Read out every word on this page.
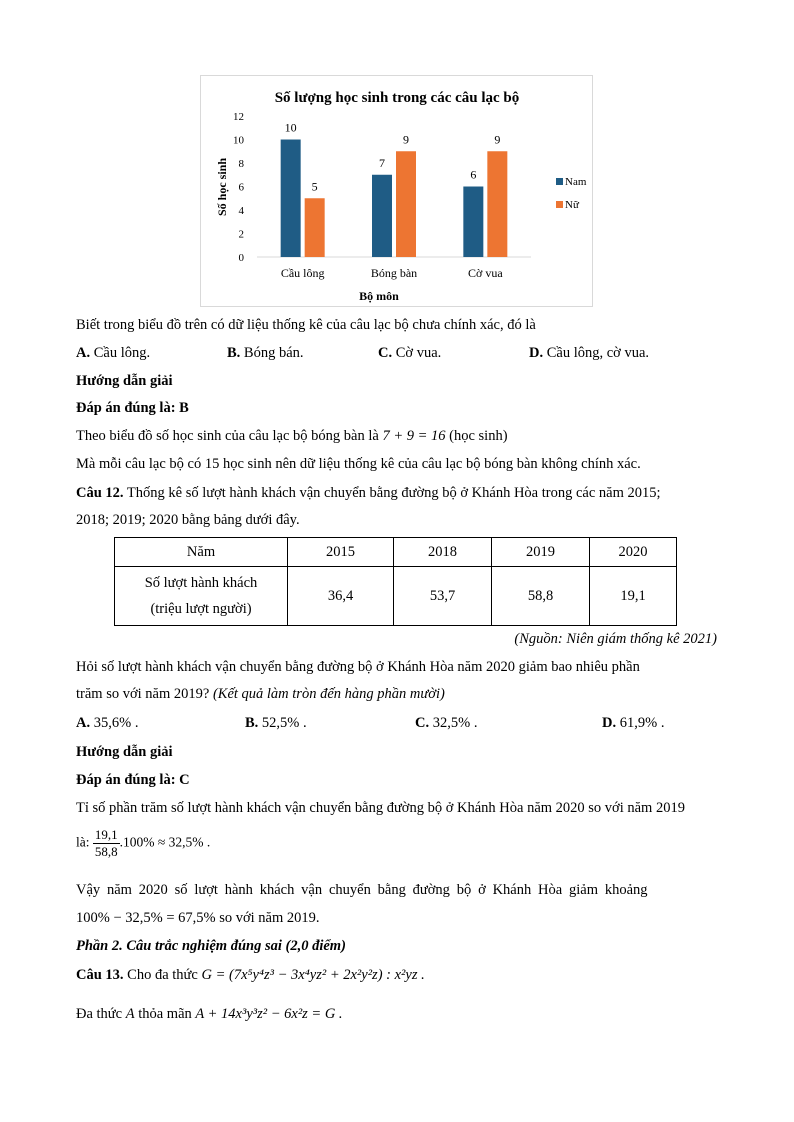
Số lượng học sinh trong các câu lạc bộ
0
2
4
6
8
10
12
Cầu lông
10
5
Bóng bàn
7
9
Cờ vua
6
9
Nam
Nữ
Bộ môn
Số học sinh
Biết trong biểu đồ trên có dữ liệu thống kê của câu lạc bộ chưa chính xác, đó là
A. Cầu lông.	B. Bóng bán.	C. Cờ vua.	D. Cầu lông, cờ vua.
Hướng dẫn giải
Đáp án đúng là: B
Theo biểu đồ số học sinh của câu lạc bộ bóng bàn là 7 + 9 = 16 (học sinh)
Mà mỗi câu lạc bộ có 15 học sinh nên dữ liệu thống kê của câu lạc bộ bóng bàn không chính xác.
Câu 12. Thống kê số lượt hành khách vận chuyển bằng đường bộ ở Khánh Hòa trong các năm 2015;
2018; 2019; 2020 bằng bảng dưới đây.
Năm	2015	2018	2019	2020

Số lượt hành khách
(triệu lượt người)	36,4	53,7	58,8	19,1
(Nguồn: Niên giám thống kê 2021)
Hỏi số lượt hành khách vận chuyển bằng đường bộ ở Khánh Hòa năm 2020 giảm bao nhiêu phần
trăm so với năm 2019? (Kết quả làm tròn đến hàng phần mười)
A. 35,6% .	B. 52,5% .	C. 32,5% .	D. 61,9% .
Hướng dẫn giải
Đáp án đúng là: C
Tỉ số phần trăm số lượt hành khách vận chuyển bằng đường bộ ở Khánh Hòa năm 2020 so với năm 2019
là: $\frac{19,1}{58,8} .100\% \approx 32,5\%$ .
Vậy năm 2020 số lượt hành khách vận chuyển bằng đường bộ ở Khánh Hòa giảm khoảng
100% − 32,5% = 67,5% so với năm 2019.
Phần 2. Câu trắc nghiệm đúng sai (2,0 điểm)
Câu 13. Cho đa thức G = (7x⁵y⁴z³ − 3x⁴yz² + 2x²y²z) : x²yz .
Đa thức A thỏa mãn A + 14x³y³z² − 6x²z = G .
